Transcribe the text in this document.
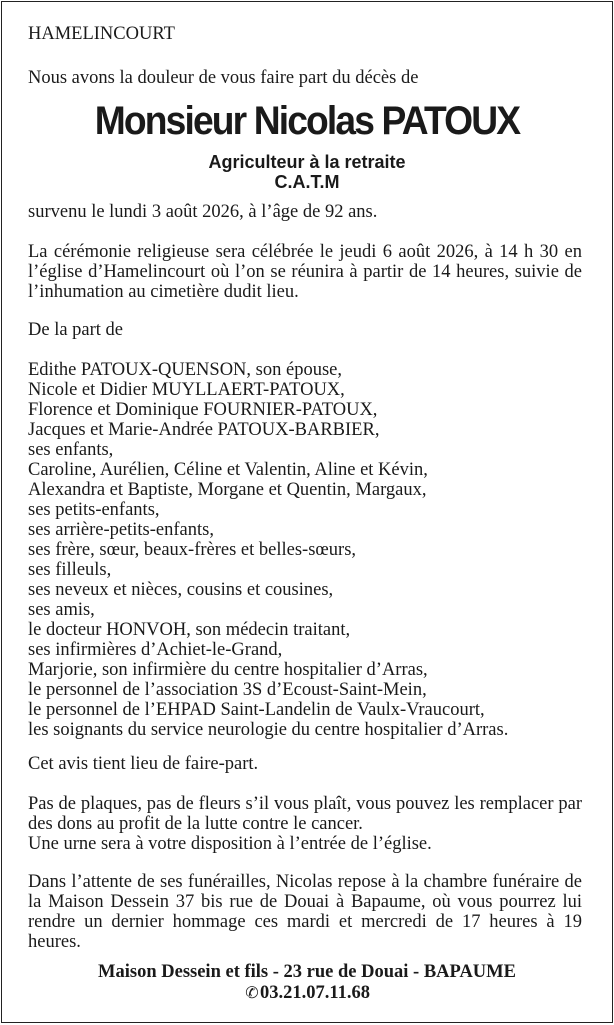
HAMELINCOURT

Nous avons la douleur de vous faire part du décès de

Monsieur Nicolas PATOUX
Agriculteur à la retraite
C.A.T.M

survenu le lundi 3 août 2026, à l’âge de 92 ans.

La cérémonie religieuse sera célébrée le jeudi 6 août 2026, à 14 h 30 en l’église d’Hamelincourt où l’on se réunira à partir de 14 heures, suivie de l’inhumation au cimetière dudit lieu.

De la part de

Edithe PATOUX-QUENSON, son épouse,
Nicole et Didier MUYLLAERT-PATOUX,
Florence et Dominique FOURNIER-PATOUX,
Jacques et Marie-Andrée PATOUX-BARBIER,
ses enfants,
Caroline, Aurélien, Céline et Valentin, Aline et Kévin,
Alexandra et Baptiste, Morgane et Quentin, Margaux,
ses petits-enfants,
ses arrière-petits-enfants,
ses frère, sœur, beaux-frères et belles-sœurs,
ses filleuls,
ses neveux et nièces, cousins et cousines,
ses amis,
le docteur HONVOH, son médecin traitant,
ses infirmières d’Achiet-le-Grand,
Marjorie, son infirmière du centre hospitalier d’Arras,
le personnel de l’association 3S d’Ecoust-Saint-Mein,
le personnel de l’EHPAD Saint-Landelin de Vaulx-Vraucourt,
les soignants du service neurologie du centre hospitalier d’Arras.

Cet avis tient lieu de faire-part.

Pas de plaques, pas de fleurs s’il vous plaît, vous pouvez les remplacer par des dons au profit de la lutte contre le cancer.

Une urne sera à votre disposition à l’entrée de l’église.

Dans l’attente de ses funérailles, Nicolas repose à la chambre funéraire de la Maison Dessein 37 bis rue de Douai à Bapaume, où vous pourrez lui rendre un dernier hommage ces mardi et mercredi de 17 heures à 19 heures.

Maison Dessein et fils - 23 rue de Douai - BAPAUME
✆03.21.07.11.68
